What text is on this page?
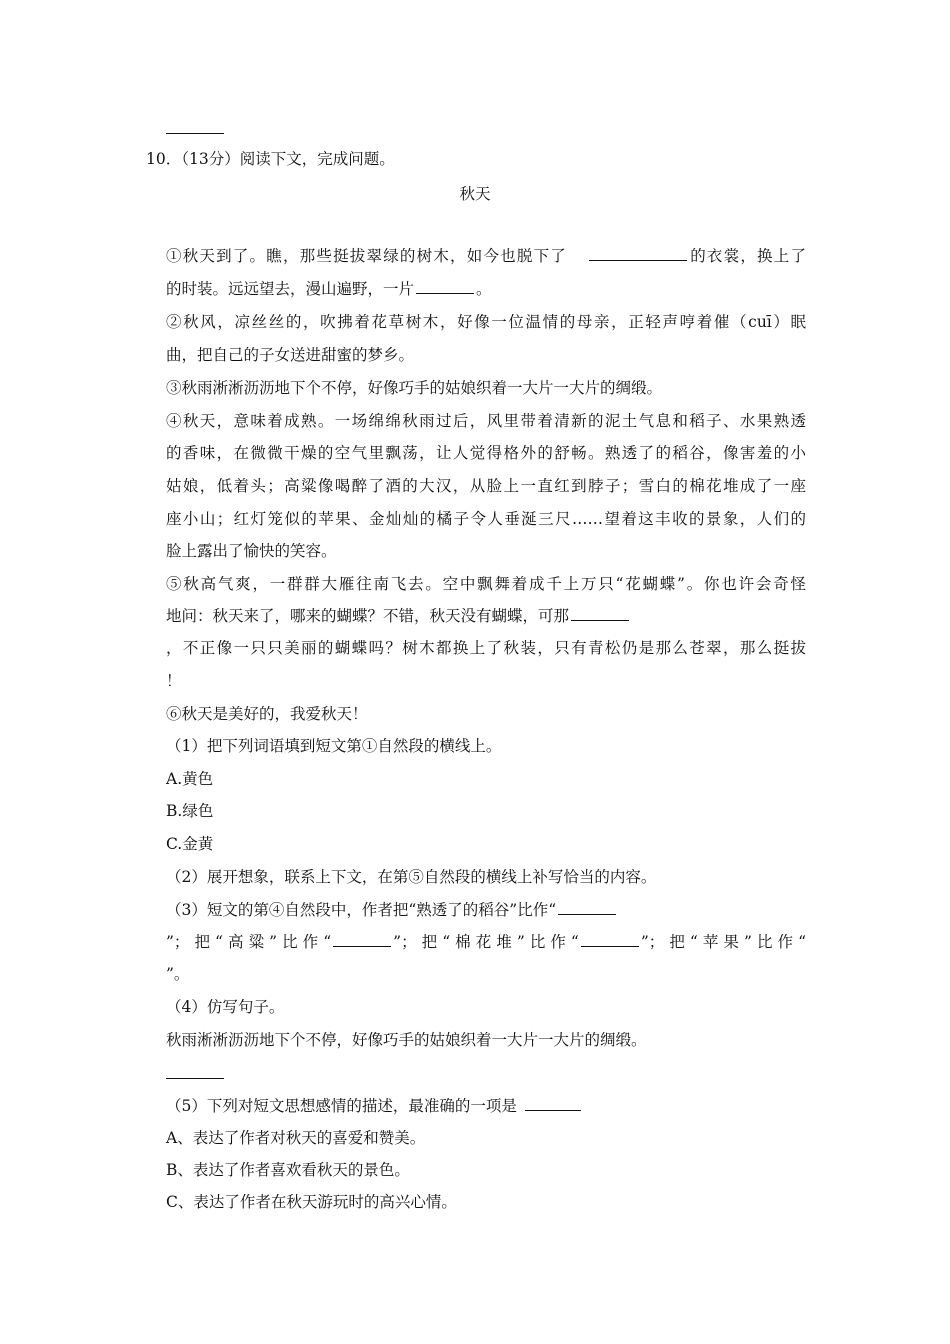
10．（13分）阅读下文，完成问题。
秋天
①秋天到了。瞧，那些挺拔翠绿的树木，如今也脱下了	的衣裳，换上了
的时装。远远望去，漫山遍野，一片	。
②秋风，凉丝丝的，吹拂着花草树木，好像一位温情的母亲，正轻声哼着催（cuī）眠
曲，把自己的子女送进甜蜜的梦乡。
③秋雨淅淅沥沥地下个不停，好像巧手的姑娘织着一大片一大片的绸缎。
④秋天，意味着成熟。一场绵绵秋雨过后，风里带着清新的泥土气息和稻子、水果熟透
的香味，在微微干燥的空气里飘荡，让人觉得格外的舒畅。熟透了的稻谷，像害羞的小
姑娘，低着头；高粱像喝醉了酒的大汉，从脸上一直红到脖子；雪白的棉花堆成了一座
座小山；红灯笼似的苹果、金灿灿的橘子令人垂涎三尺……望着这丰收的景象，人们的
脸上露出了愉快的笑容。
⑤秋高气爽，一群群大雁往南飞去。空中飘舞着成千上万只“花蝴蝶”。你也许会奇怪
地问：秋天来了，哪来的蝴蝶？不错，秋天没有蝴蝶，可那
，不正像一只只美丽的蝴蝶吗？树木都换上了秋装，只有青松仍是那么苍翠，那么挺拔
！
⑥秋天是美好的，我爱秋天！
（1）把下列词语填到短文第①自然段的横线上。
A.黄色
B.绿色
C.金黄
（2）展开想象，联系上下文，在第⑤自然段的横线上补写恰当的内容。
（3）短文的第④自然段中，作者把“熟透了的稻谷”比作“
”；把“高粱”比作“	”；把“棉花堆”比作“	”；把“苹果”比作“
”。
（4）仿写句子。
秋雨淅淅沥沥地下个不停，好像巧手的姑娘织着一大片一大片的绸缎。
（5）下列对短文思想感情的描述，最准确的一项是
A、表达了作者对秋天的喜爱和赞美。
B、表达了作者喜欢看秋天的景色。
C、表达了作者在秋天游玩时的高兴心情。
